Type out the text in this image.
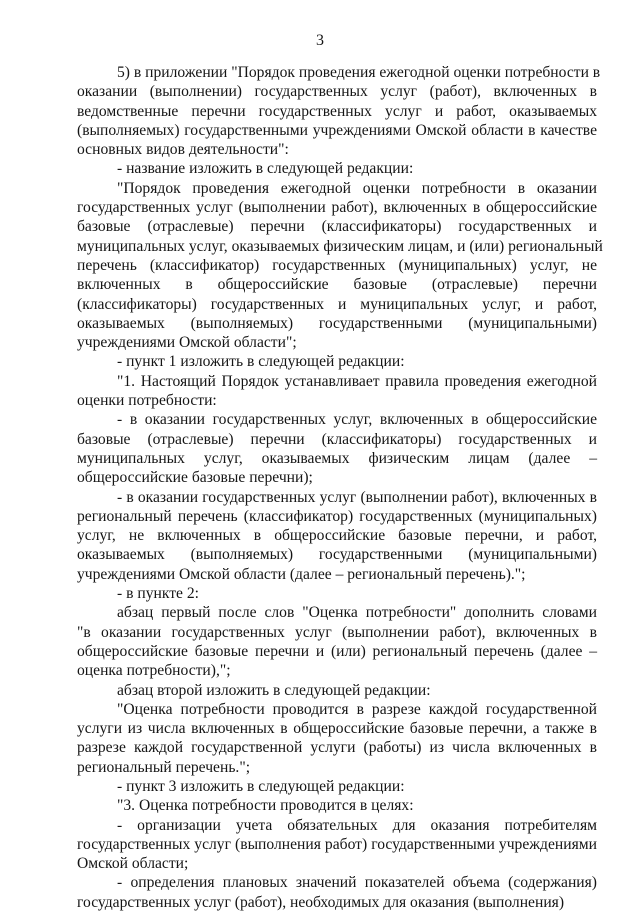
3
5) в приложении "Порядок проведения ежегодной оценки потребности в
оказании (выполнении) государственных услуг (работ), включенных в
ведомственные перечни государственных услуг и работ, оказываемых
(выполняемых) государственными учреждениями Омской области в качестве
основных видов деятельности":
- название изложить в следующей редакции:
"Порядок проведения ежегодной оценки потребности в оказании
государственных услуг (выполнении работ), включенных в общероссийские
базовые (отраслевые) перечни (классификаторы) государственных и
муниципальных услуг, оказываемых физическим лицам, и (или) региональный
перечень (классификатор) государственных (муниципальных) услуг, не
включенных в общероссийские базовые (отраслевые) перечни
(классификаторы) государственных и муниципальных услуг, и работ,
оказываемых (выполняемых) государственными (муниципальными)
учреждениями Омской области";
- пункт 1 изложить в следующей редакции:
"1. Настоящий Порядок устанавливает правила проведения ежегодной
оценки потребности:
- в оказании государственных услуг, включенных в общероссийские
базовые (отраслевые) перечни (классификаторы) государственных и
муниципальных услуг, оказываемых физическим лицам (далее –
общероссийские базовые перечни);
- в оказании государственных услуг (выполнении работ), включенных в
региональный перечень (классификатор) государственных (муниципальных)
услуг, не включенных в общероссийские базовые перечни, и работ,
оказываемых (выполняемых) государственными (муниципальными)
учреждениями Омской области (далее – региональный перечень).";
- в пункте 2:
абзац первый после слов "Оценка потребности" дополнить словами
"в оказании государственных услуг (выполнении работ), включенных в
общероссийские базовые перечни и (или) региональный перечень (далее –
оценка потребности),";
абзац второй изложить в следующей редакции:
"Оценка потребности проводится в разрезе каждой государственной
услуги из числа включенных в общероссийские базовые перечни, а также в
разрезе каждой государственной услуги (работы) из числа включенных в
региональный перечень.";
- пункт 3 изложить в следующей редакции:
"3. Оценка потребности проводится в целях:
- организации учета обязательных для оказания потребителям
государственных услуг (выполнения работ) государственными учреждениями
Омской области;
- определения плановых значений показателей объема (содержания)
государственных услуг (работ), необходимых для оказания (выполнения)
